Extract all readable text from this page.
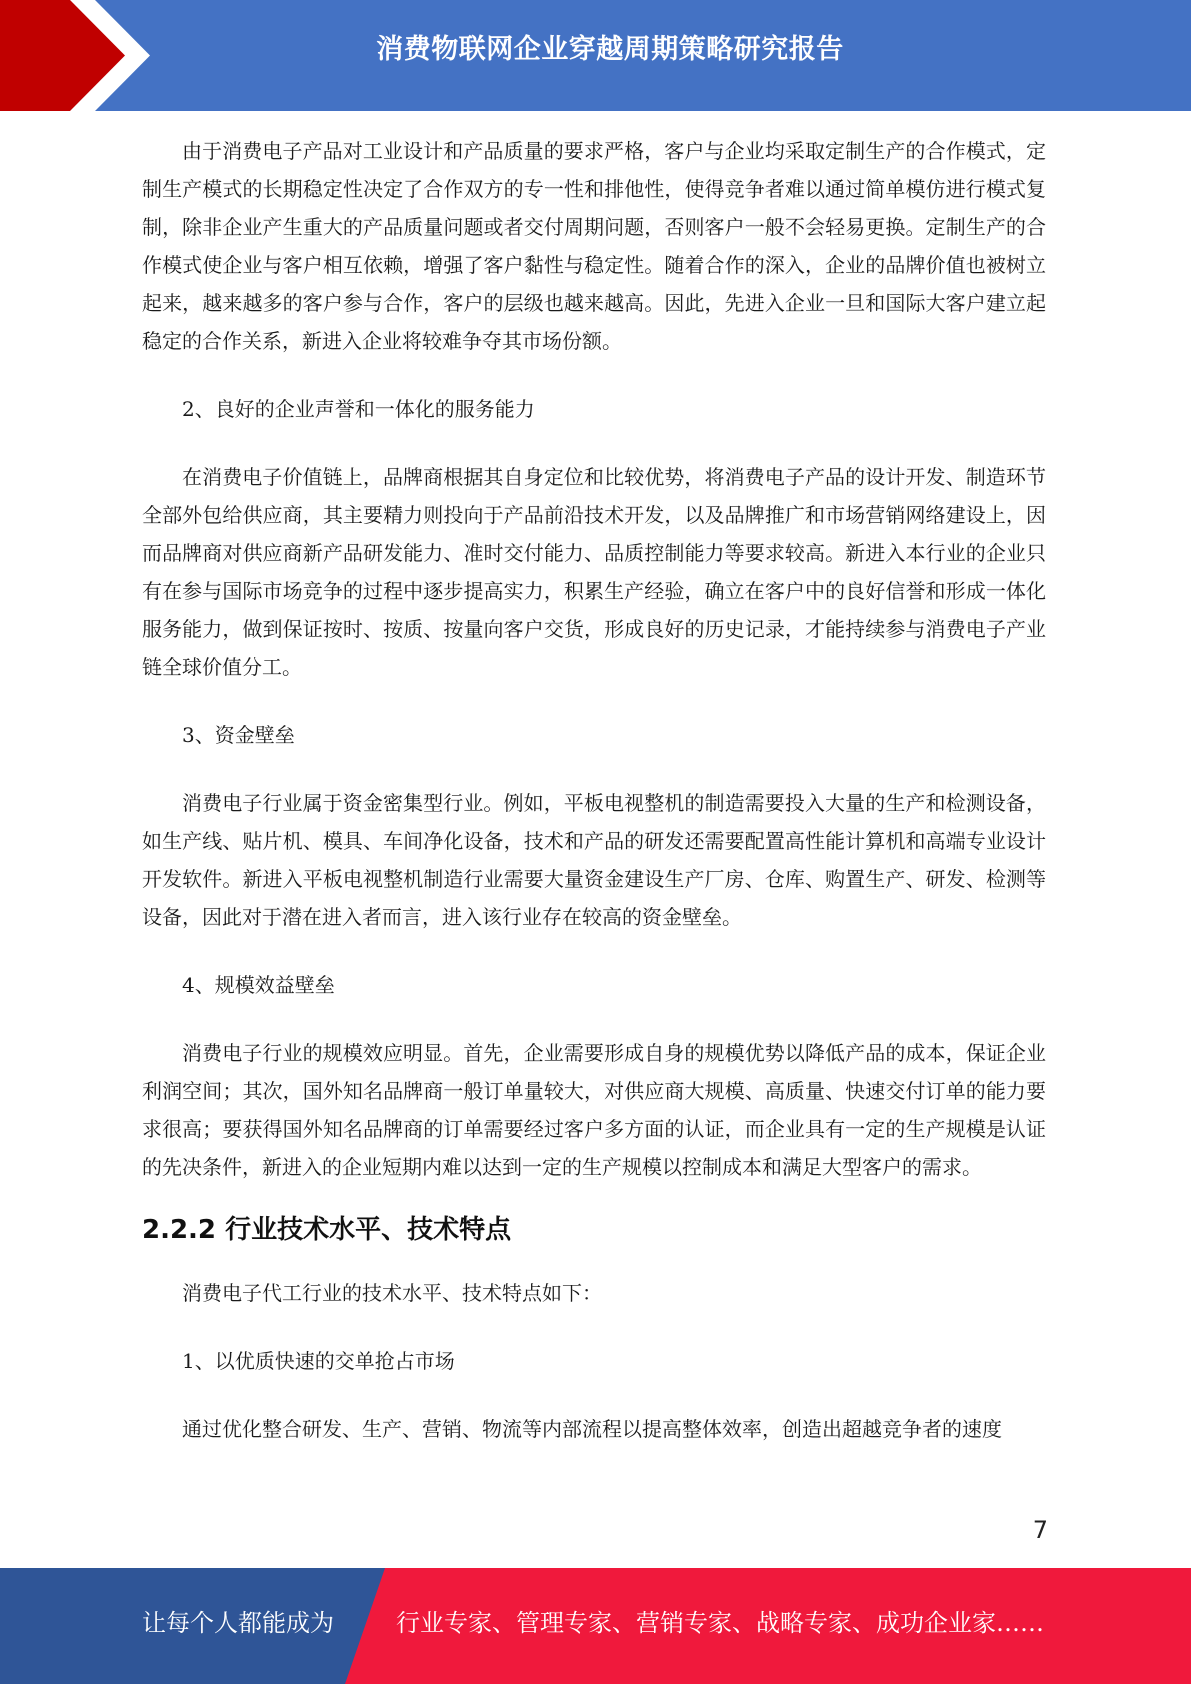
消费物联网企业穿越周期策略研究报告

由于消费电子产品对工业设计和产品质量的要求严格，客户与企业均采取定制生产的合作模式，定制生产模式的长期稳定性决定了合作双方的专一性和排他性，使得竞争者难以通过简单模仿进行模式复制，除非企业产生重大的产品质量问题或者交付周期问题，否则客户一般不会轻易更换。定制生产的合作模式使企业与客户相互依赖，增强了客户黏性与稳定性。随着合作的深入，企业的品牌价值也被树立起来，越来越多的客户参与合作，客户的层级也越来越高。因此，先进入企业一旦和国际大客户建立起稳定的合作关系，新进入企业将较难争夺其市场份额。

2、良好的企业声誉和一体化的服务能力

在消费电子价值链上，品牌商根据其自身定位和比较优势，将消费电子产品的设计开发、制造环节全部外包给供应商，其主要精力则投向于产品前沿技术开发，以及品牌推广和市场营销网络建设上，因而品牌商对供应商新产品研发能力、准时交付能力、品质控制能力等要求较高。新进入本行业的企业只有在参与国际市场竞争的过程中逐步提高实力，积累生产经验，确立在客户中的良好信誉和形成一体化服务能力，做到保证按时、按质、按量向客户交货，形成良好的历史记录，才能持续参与消费电子产业链全球价值分工。

3、资金壁垒

消费电子行业属于资金密集型行业。例如，平板电视整机的制造需要投入大量的生产和检测设备，如生产线、贴片机、模具、车间净化设备，技术和产品的研发还需要配置高性能计算机和高端专业设计开发软件。新进入平板电视整机制造行业需要大量资金建设生产厂房、仓库、购置生产、研发、检测等设备，因此对于潜在进入者而言，进入该行业存在较高的资金壁垒。

4、规模效益壁垒

消费电子行业的规模效应明显。首先，企业需要形成自身的规模优势以降低产品的成本，保证企业利润空间；其次，国外知名品牌商一般订单量较大，对供应商大规模、高质量、快速交付订单的能力要求很高；要获得国外知名品牌商的订单需要经过客户多方面的认证，而企业具有一定的生产规模是认证的先决条件，新进入的企业短期内难以达到一定的生产规模以控制成本和满足大型客户的需求。

2.2.2 行业技术水平、技术特点

消费电子代工行业的技术水平、技术特点如下：

1、以优质快速的交单抢占市场

通过优化整合研发、生产、营销、物流等内部流程以提高整体效率，创造出超越竞争者的速度

7
让每个人都能成为	行业专家、管理专家、营销专家、战略专家、成功企业家……
